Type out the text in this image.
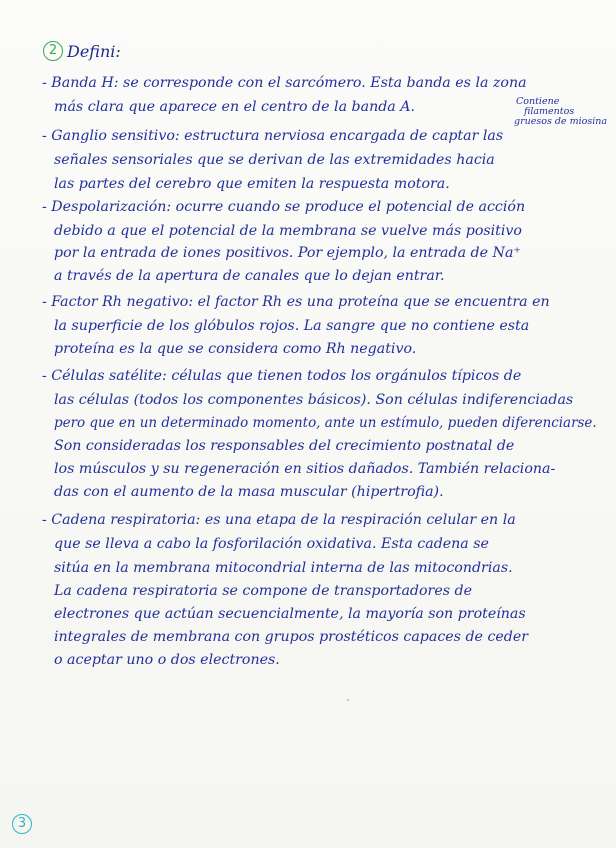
2 Defini:
Contiene
filamentos
gruesos de miosina
- Banda H: se corresponde con el sarcómero. Esta banda es la zona
más clara que aparece en el centro de la banda A.
- Ganglio sensitivo: estructura nerviosa encargada de captar las
señales sensoriales que se derivan de las extremidades hacia
las partes del cerebro que emiten la respuesta motora.
- Despolarización: ocurre cuando se produce el potencial de acción
debido a que el potencial de la membrana se vuelve más positivo
por la entrada de iones positivos. Por ejemplo, la entrada de Na⁺
a través de la apertura de canales que lo dejan entrar.
- Factor Rh negativo: el factor Rh es una proteína que se encuentra en
la superficie de los glóbulos rojos. La sangre que no contiene esta
proteína es la que se considera como Rh negativo.
- Células satélite: células que tienen todos los orgánulos típicos de
las células (todos los componentes básicos). Son células indiferenciadas
pero que en un determinado momento, ante un estímulo, pueden diferenciarse.
Son consideradas los responsables del crecimiento postnatal de
los músculos y su regeneración en sitios dañados. También relaciona-
das con el aumento de la masa muscular (hipertrofia).
- Cadena respiratoria: es una etapa de la respiración celular en la
que se lleva a cabo la fosforilación oxidativa. Esta cadena se
sitúa en la membrana mitocondrial interna de las mitocondrias.
La cadena respiratoria se compone de transportadores de
electrones que actúan secuencialmente, la mayoría son proteínas
integrales de membrana con grupos prostéticos capaces de ceder
o aceptar uno o dos electrones.
3
